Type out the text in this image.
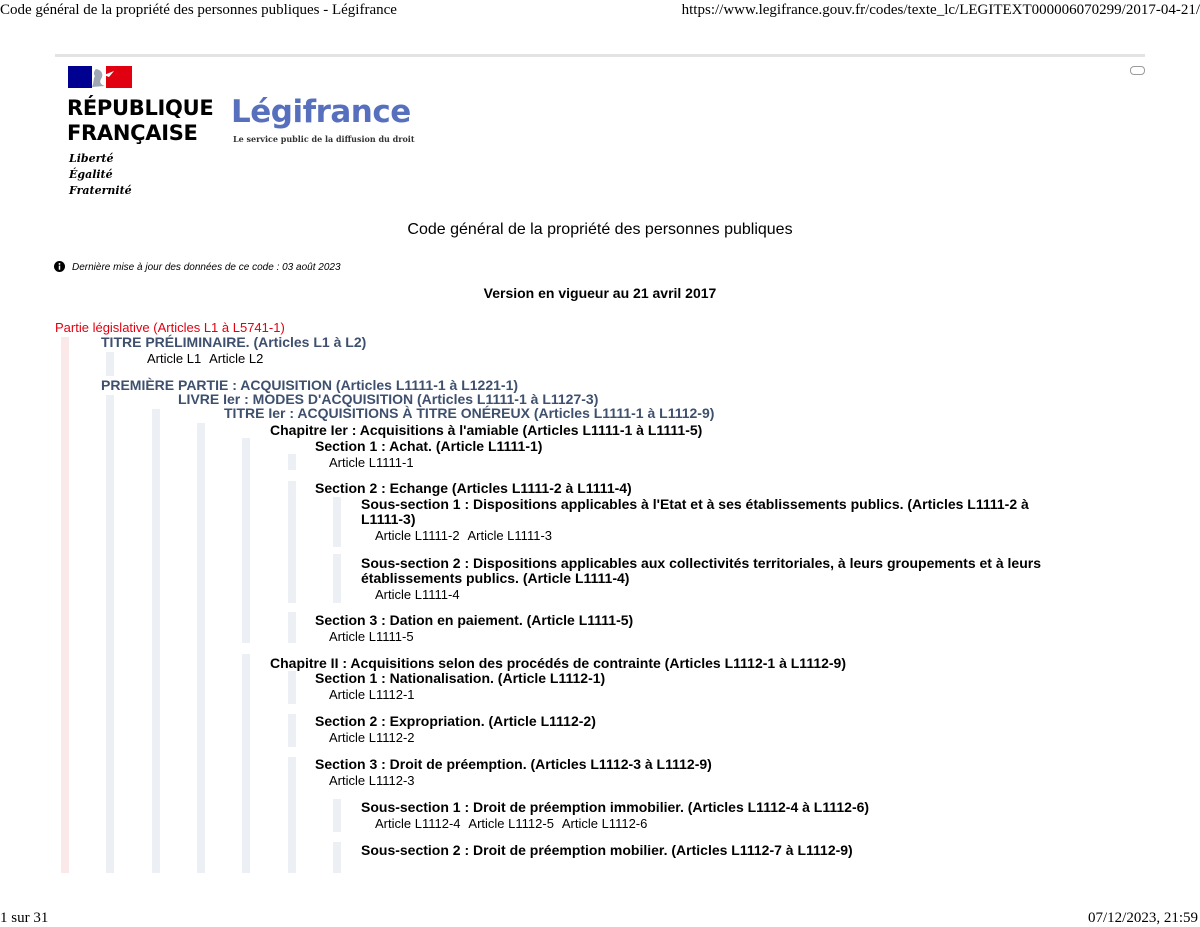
Code général de la propriété des personnes publiques - Légifrance	https://www.legifrance.gouv.fr/codes/texte_lc/LEGITEXT000006070299/2017-04-21/
1 sur 31	07/12/2023, 21:59
RÉPUBLIQUE
FRANÇAISE
Liberté
Égalité
Fraternité
Légifrance
Le service public de la diffusion du droit
Code général de la propriété des personnes publiques
Dernière mise à jour des données de ce code : 03 août 2023
Version en vigueur au 21 avril 2017
Partie législative (Articles L1 à L5741-1)
TITRE PRÉLIMINAIRE. (Articles L1 à L2)
Article L1 Article L2
PREMIÈRE PARTIE : ACQUISITION (Articles L1111-1 à L1221-1)
LIVRE Ier : MODES D'ACQUISITION (Articles L1111-1 à L1127-3)
TITRE Ier : ACQUISITIONS À TITRE ONÉREUX (Articles L1111-1 à L1112-9)
Chapitre Ier : Acquisitions à l'amiable (Articles L1111-1 à L1111-5)
Section 1 : Achat. (Article L1111-1)
Article L1111-1
Section 2 : Echange (Articles L1111-2 à L1111-4)
Sous-section 1 : Dispositions applicables à l'Etat et à ses établissements publics. (Articles L1111-2 à
L1111-3)
Article L1111-2 Article L1111-3
Sous-section 2 : Dispositions applicables aux collectivités territoriales, à leurs groupements et à leurs
établissements publics. (Article L1111-4)
Article L1111-4
Section 3 : Dation en paiement. (Article L1111-5)
Article L1111-5
Chapitre II : Acquisitions selon des procédés de contrainte (Articles L1112-1 à L1112-9)
Section 1 : Nationalisation. (Article L1112-1)
Article L1112-1
Section 2 : Expropriation. (Article L1112-2)
Article L1112-2
Section 3 : Droit de préemption. (Articles L1112-3 à L1112-9)
Article L1112-3
Sous-section 1 : Droit de préemption immobilier. (Articles L1112-4 à L1112-6)
Article L1112-4 Article L1112-5 Article L1112-6
Sous-section 2 : Droit de préemption mobilier. (Articles L1112-7 à L1112-9)
